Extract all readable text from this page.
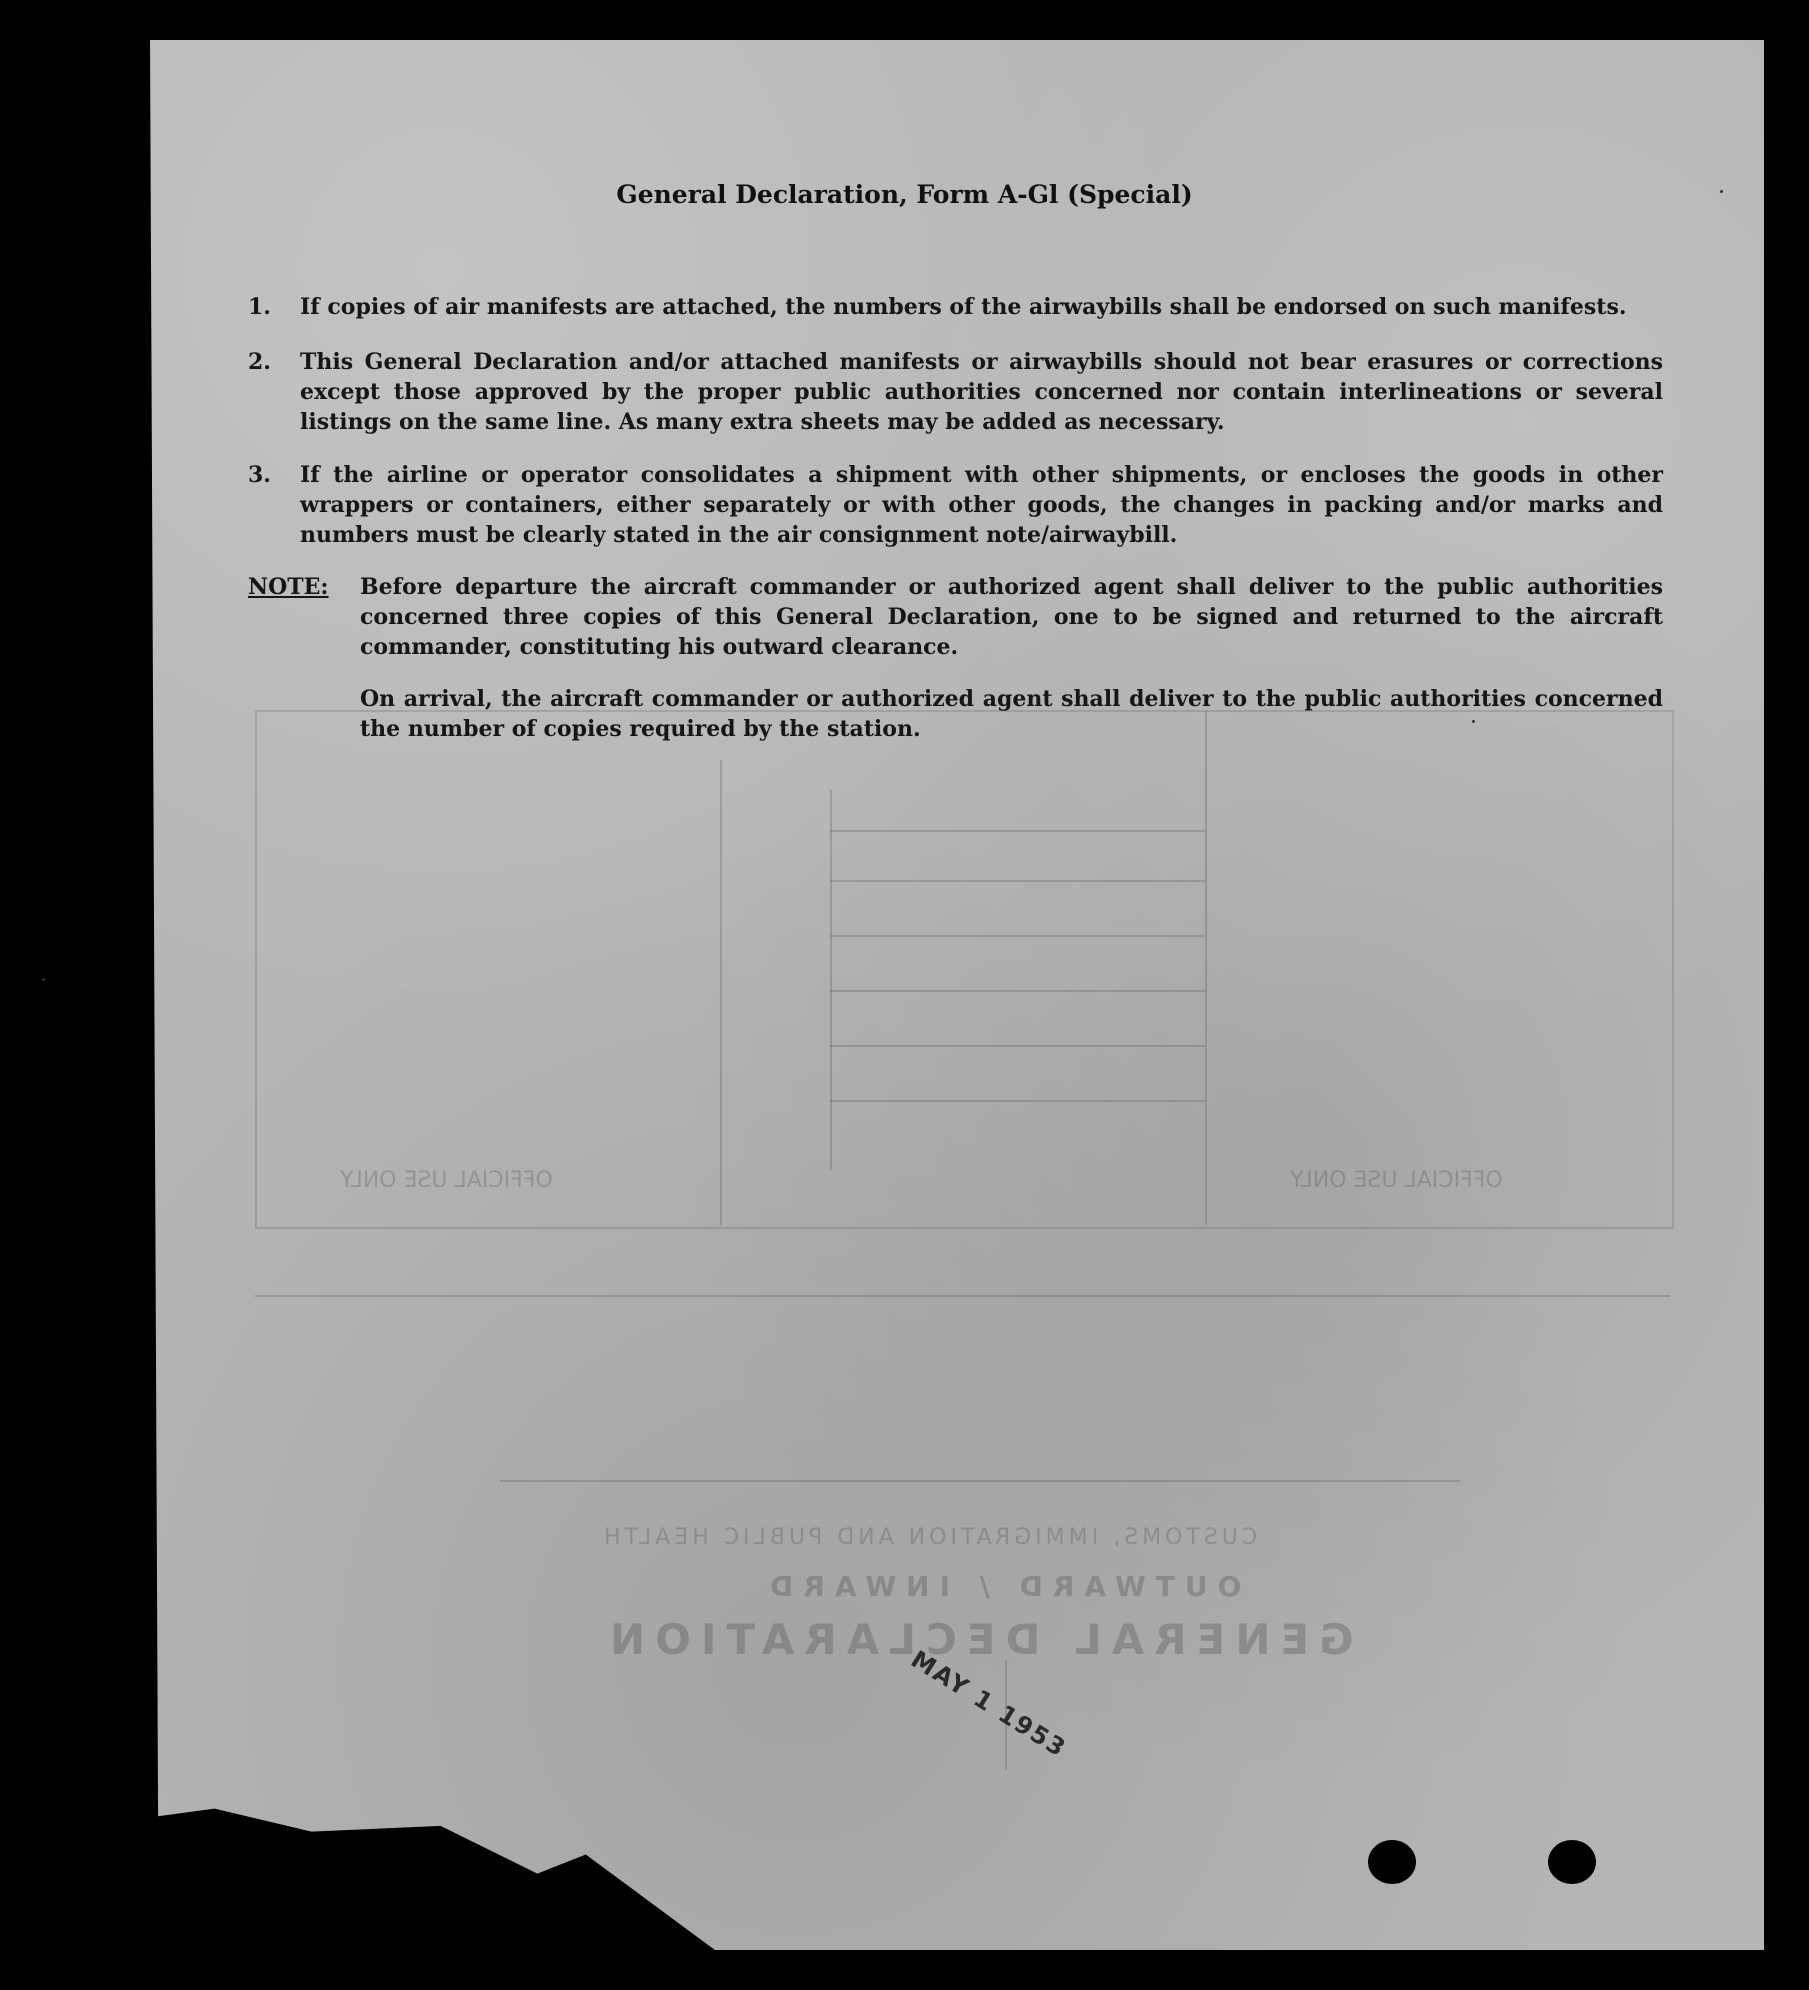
GENERAL DECLARATION
OUTWARD / INWARD
CUSTOMS, IMMIGRATION AND PUBLIC HEALTH
OFFICIAL USE ONLY	OFFICIAL USE ONLY
General Declaration, Form A-Gl (Special)
1. If copies of air manifests are attached, the numbers of the airwaybills shall be endorsed on such manifests.
2. This General Declaration and/or attached manifests or airwaybills should not bear erasures or corrections except those approved by the proper public authorities concerned nor contain interlineations or several listings on the same line. As many extra sheets may be added as necessary.
3. If the airline or operator consolidates a shipment with other shipments, or encloses the goods in other wrappers or containers, either separately or with other goods, the changes in packing and/or marks and numbers must be clearly stated in the air consignment note/airwaybill.
NOTE: Before departure the aircraft commander or authorized agent shall deliver to the public authorities concerned three copies of this General Declaration, one to be signed and returned to the aircraft commander, constituting his outward clearance.
On arrival, the aircraft commander or authorized agent shall deliver to the public authorities concerned the number of copies required by the station.
MAY 1 1953
